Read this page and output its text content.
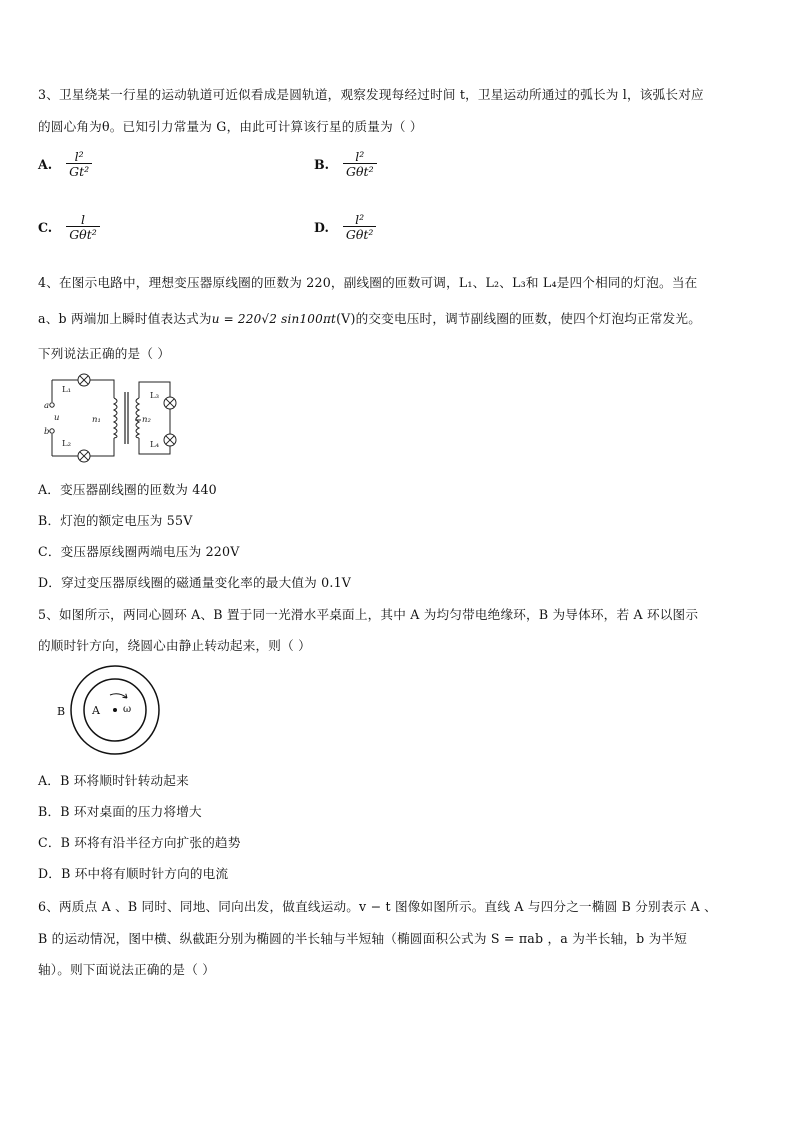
3、卫星绕某一行星的运动轨道可近似看成是圆轨道，观察发现每经过时间 t，卫星运动所通过的弧长为 l，该弧长对应
的圆心角为θ。已知引力常量为 G，由此可计算该行星的质量为（ ）
A. $\frac{\text{l²}}{\text{Gt²}}$	B. $\frac{\text{l²}}{\text{Gθt²}}$
C. $\frac{l}{\text{Gθt²}}$	D. $\frac{\text{l²}}{\text{Gθt²}}$
4、在图示电路中，理想变压器原线圈的匝数为 220，副线圈的匝数可调，L₁、L₂、L₃和 L₄是四个相同的灯泡。当在
a、b 两端加上瞬时值表达式为u = 220√2 sin100πt(V)的交变电压时，调节副线圈的匝数，使四个灯泡均正常发光。
下列说法正确的是（ ）
L₁
L₂
L₃
L₄
a
u
b
n₁	n₂
A．变压器副线圈的匝数为 440
B．灯泡的额定电压为 55V
C．变压器原线圈两端电压为 220V
D．穿过变压器原线圈的磁通量变化率的最大值为 0.1V
5、如图所示，两同心圆环 A、B 置于同一光滑水平桌面上，其中 A 为均匀带电绝缘环，B 为导体环，若 A 环以图示
的顺时针方向，绕圆心由静止转动起来，则（ ）
B A ω
A．B 环将顺时针转动起来
B．B 环对桌面的压力将增大
C．B 环将有沿半径方向扩张的趋势
D．B 环中将有顺时针方向的电流
6、两质点 A 、B 同时、同地、同向出发，做直线运动。v − t 图像如图所示。直线 A 与四分之一椭圆 B 分别表示 A 、
B 的运动情况，图中横、纵截距分别为椭圆的半长轴与半短轴（椭圆面积公式为 S = πab ，a 为半长轴，b 为半短
轴）。则下面说法正确的是（ ）
